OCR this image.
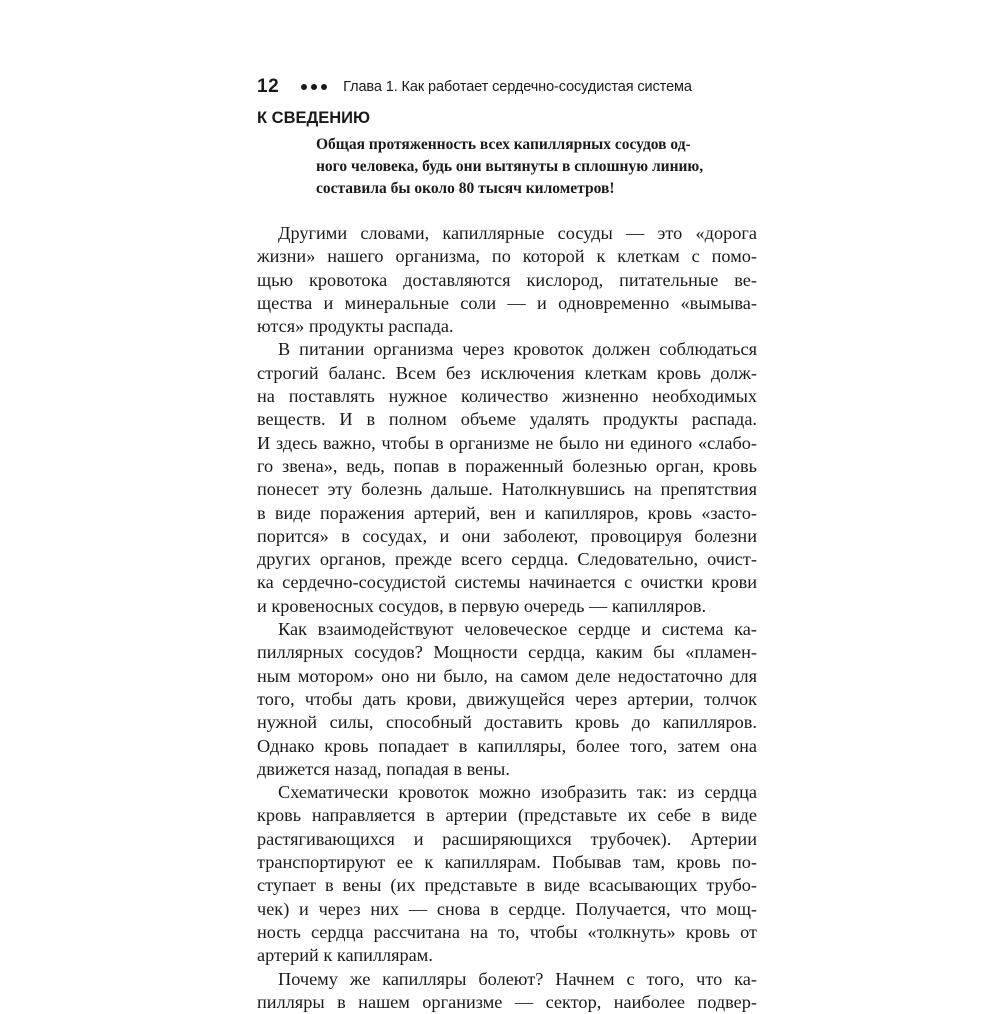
12	Глава 1. Как работает сердечно-сосудистая система
К СВЕДЕНИЮ
Общая протяженность всех капиллярных сосудов од-
ного человека, будь они вытянуты в сплошную линию,
составила бы около 80 тысяч километров!
Другими словами, капиллярные сосуды — это «дорога
жизни» нашего организма, по которой к клеткам с помо-
щью кровотока доставляются кислород, питательные ве-
щества и минеральные соли — и одновременно «вымыва-
ются» продукты распада.
В питании организма через кровоток должен соблюдаться
строгий баланс. Всем без исключения клеткам кровь долж-
на поставлять нужное количество жизненно необходимых
веществ. И в полном объеме удалять продукты распада.
И здесь важно, чтобы в организме не было ни единого «слабо-
го звена», ведь, попав в пораженный болезнью орган, кровь
понесет эту болезнь дальше. Натолкнувшись на препятствия
в виде поражения артерий, вен и капилляров, кровь «застo-
порится» в сосудах, и они заболеют, провоцируя болезни
других органов, прежде всего сердца. Следовательно, очист-
ка сердечно-сосудистой системы начинается с очистки крови
и кровеносных сосудов, в первую очередь — капилляров.
Как взаимодействуют человеческое сердце и система ка-
пиллярных сосудов? Мощности сердца, каким бы «пламен-
ным мотором» оно ни было, на самом деле недостаточно для
того, чтобы дать крови, движущейся через артерии, толчок
нужной силы, способный доставить кровь до капилляров.
Однако кровь попадает в капилляры, более того, затем она
движется назад, попадая в вены.
Схематически кровоток можно изобразить так: из сердца
кровь направляется в артерии (представьте их себе в виде
растягивающихся и расширяющихся трубочек). Артерии
транспортируют ее к капиллярам. Побывав там, кровь по-
ступает в вены (их представьте в виде всасывающих трубо-
чек) и через них — снова в сердце. Получается, что мощ-
ность сердца рассчитана на то, чтобы «толкнуть» кровь от
артерий к капиллярам.
Почему же капилляры болеют? Начнем с того, что ка-
пилляры в нашем организме — сектор, наиболее подвер-
